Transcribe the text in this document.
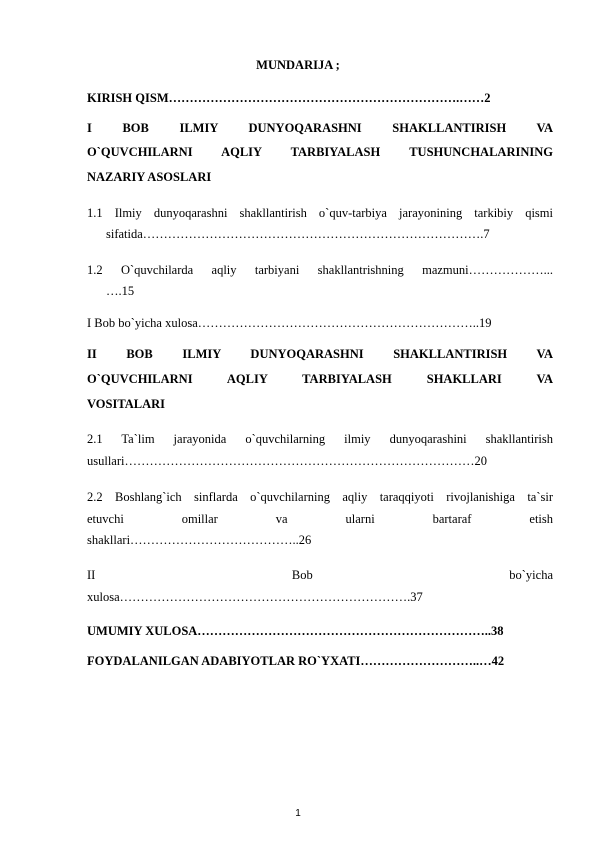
MUNDARIJA ;
KIRISH QISM…………………………………………………………….……2
I BOB ILMIY DUNYOQARASHNI SHAKLLANTIRISH VA
O`QUVCHILARNI AQLIY TARBIYALASH TUSHUNCHALARINING
NAZARIY ASOSLARI
1.1 Ilmiy dunyoqarashni shakllantirish o`quv-tarbiya jarayonining tarkibiy qismi
sifatida……………………………………………………………………….7
1.2 O`quvchilarda aqliy tarbiyani shakllantrishning mazmuni………………...
….15
I Bob bo`yicha xulosa…………………………………………………………..19
II BOB ILMIY DUNYOQARASHNI SHAKLLANTIRISH VA
O`QUVCHILARNI AQLIY TARBIYALASH SHAKLLARI VA
VOSITALARI
2.1 Ta`lim jarayonida o`quvchilarning ilmiy dunyoqarashini shakllantirish
usullari…………………………………………………………………………20
2.2 Boshlang`ich sinflarda o`quvchilarning aqliy taraqqiyoti rivojlanishiga ta`sir
etuvchi omillar va ularni bartaraf etish
shakllari…………………………………..26
II Bob bo`yicha
xulosa…………………………………………………………….37
UMUMIY XULOSA……………………………………………………………..38
FOYDALANILGAN ADABIYOTLAR RO`YXATI………………………..…42
1
